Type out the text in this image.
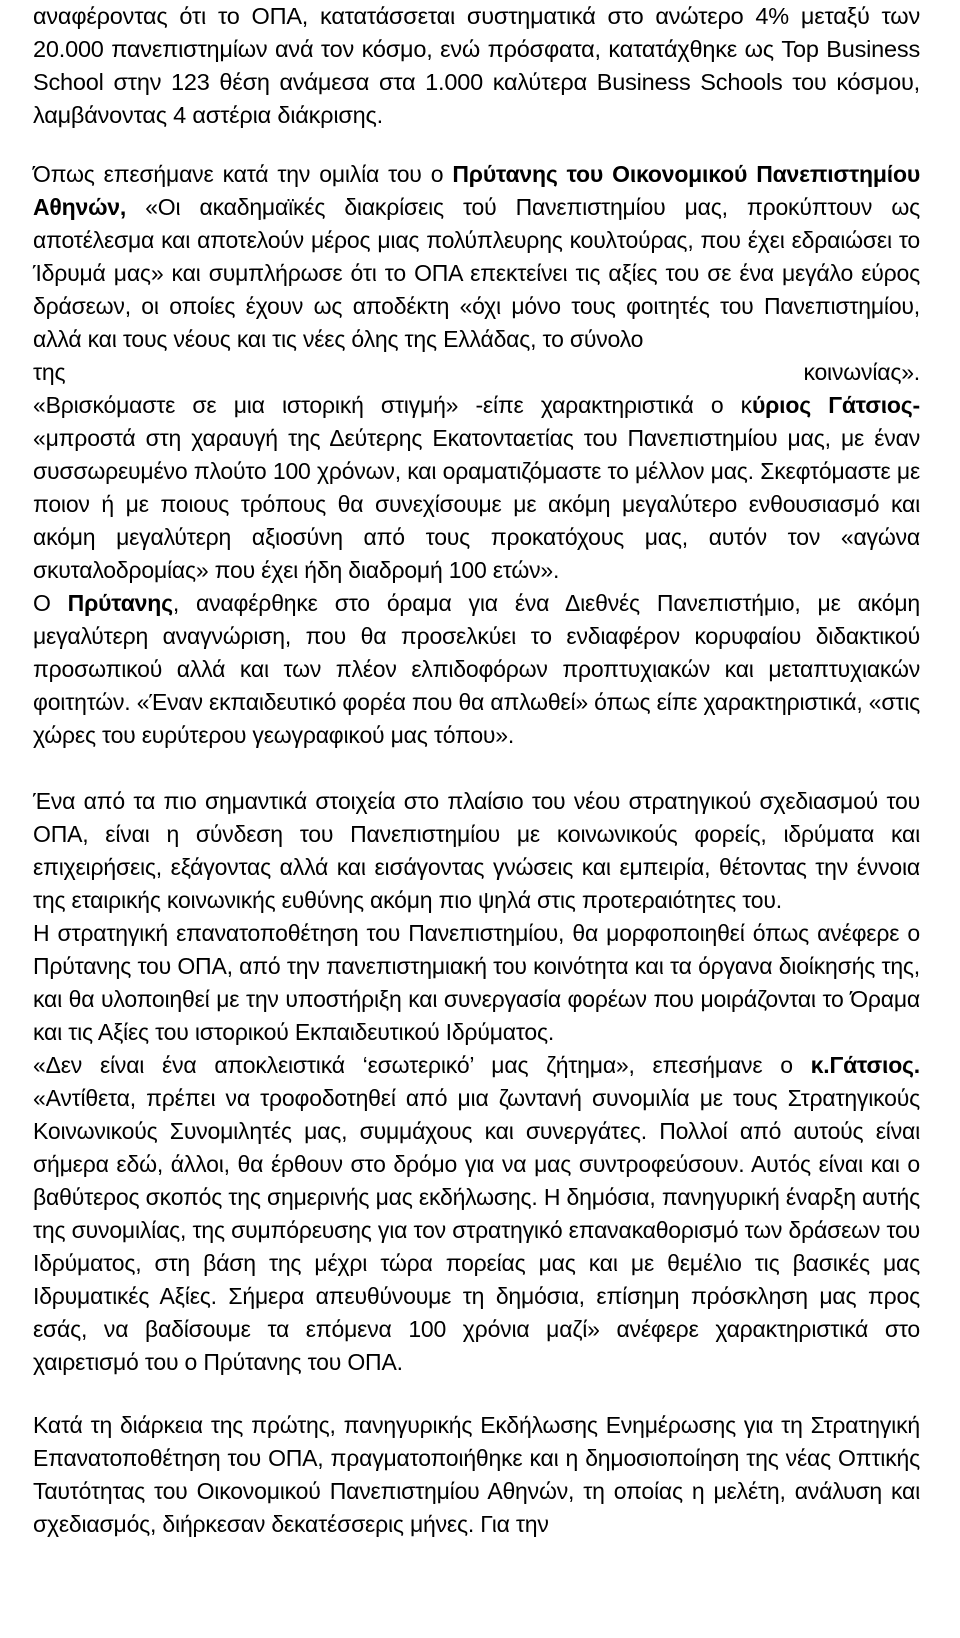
αναφέροντας ότι το ΟΠΑ, κατατάσσεται συστηματικά στο ανώτερο 4% μεταξύ των 20.000 πανεπιστημίων ανά τον κόσμο, ενώ πρόσφατα, κατατάχθηκε ως Top Business School στην 123 θέση ανάμεσα στα 1.000 καλύτερα Business Schools του κόσμου, λαμβάνοντας 4 αστέρια διάκρισης.

Όπως επεσήμανε κατά την ομιλία του ο Πρύτανης του Οικονομικού Πανεπιστημίου Αθηνών, «Οι ακαδημαϊκές διακρίσεις τού Πανεπιστημίου μας, προκύπτουν ως αποτέλεσμα και αποτελούν μέρος μιας πολύπλευρης κουλτούρας, που έχει εδραιώσει το Ίδρυμά μας» και συμπλήρωσε ότι το ΟΠΑ επεκτείνει τις αξίες του σε ένα μεγάλο εύρος δράσεων, οι οποίες έχουν ως αποδέκτη «όχι μόνο τους φοιτητές του Πανεπιστημίου, αλλά και τους νέους και τις νέες όλης της Ελλάδας, το σύνολο
της	κοινωνίας».

«Βρισκόμαστε σε μια ιστορική στιγμή» -είπε χαρακτηριστικά ο κύριος Γάτσιος- «μπροστά στη χαραυγή της Δεύτερης Εκατονταετίας του Πανεπιστημίου μας, με έναν συσσωρευμένο πλούτο 100 χρόνων, και οραματιζόμαστε το μέλλον μας. Σκεφτόμαστε με ποιον ή με ποιους τρόπους θα συνεχίσουμε με ακόμη μεγαλύτερο ενθουσιασμό και ακόμη μεγαλύτερη αξιοσύνη από τους προκατόχους μας, αυτόν τον «αγώνα σκυταλοδρομίας» που έχει ήδη διαδρομή 100 ετών».

Ο Πρύτανης, αναφέρθηκε στο όραμα για ένα Διεθνές Πανεπιστήμιο, με ακόμη μεγαλύτερη αναγνώριση, που θα προσελκύει το ενδιαφέρον κορυφαίου διδακτικού προσωπικού αλλά και των πλέον ελπιδοφόρων προπτυχιακών και μεταπτυχιακών φοιτητών. «Έναν εκπαιδευτικό φορέα που θα απλωθεί» όπως είπε χαρακτηριστικά, «στις χώρες του ευρύτερου γεωγραφικού μας τόπου».

Ένα από τα πιο σημαντικά στοιχεία στο πλαίσιο του νέου στρατηγικού σχεδιασμού του ΟΠΑ, είναι η σύνδεση του Πανεπιστημίου με κοινωνικούς φορείς, ιδρύματα και επιχειρήσεις, εξάγοντας αλλά και εισάγοντας γνώσεις και εμπειρία, θέτοντας την έννοια της εταιρικής κοινωνικής ευθύνης ακόμη πιο ψηλά στις προτεραιότητες του.

Η στρατηγική επανατοποθέτηση του Πανεπιστημίου, θα μορφοποιηθεί όπως ανέφερε ο Πρύτανης του ΟΠΑ, από την πανεπιστημιακή του κοινότητα και τα όργανα διοίκησής της, και θα υλοποιηθεί με την υποστήριξη και συνεργασία φορέων που μοιράζονται το Όραμα και τις Αξίες του ιστορικού Εκπαιδευτικού Ιδρύματος.

«Δεν είναι ένα αποκλειστικά ‘εσωτερικό’ μας ζήτημα», επεσήμανε ο κ.Γάτσιος. «Αντίθετα, πρέπει να τροφοδοτηθεί από μια ζωντανή συνομιλία με τους Στρατηγικούς Κοινωνικούς Συνομιλητές μας, συμμάχους και συνεργάτες. Πολλοί από αυτούς είναι σήμερα εδώ, άλλοι, θα έρθουν στο δρόμο για να μας συντροφεύσουν. Αυτός είναι και ο βαθύτερος σκοπός της σημερινής μας εκδήλωσης. Η δημόσια, πανηγυρική έναρξη αυτής της συνομιλίας, της συμπόρευσης για τον στρατηγικό επανακαθορισμό των δράσεων του Ιδρύματος, στη βάση της μέχρι τώρα πορείας μας και με θεμέλιο τις βασικές μας Ιδρυματικές Αξίες. Σήμερα απευθύνουμε τη δημόσια, επίσημη πρόσκληση μας προς εσάς, να βαδίσουμε τα επόμενα 100 χρόνια μαζί» ανέφερε χαρακτηριστικά στο χαιρετισμό του ο Πρύτανης του ΟΠΑ.

Κατά τη διάρκεια της πρώτης, πανηγυρικής Εκδήλωσης Ενημέρωσης για τη Στρατηγική Επανατοποθέτηση του ΟΠΑ, πραγματοποιήθηκε και η δημοσιοποίηση της νέας Οπτικής Ταυτότητας του Οικονομικού Πανεπιστημίου Αθηνών, τη οποίας η μελέτη, ανάλυση και σχεδιασμός, διήρκεσαν δεκατέσσερις μήνες. Για την
